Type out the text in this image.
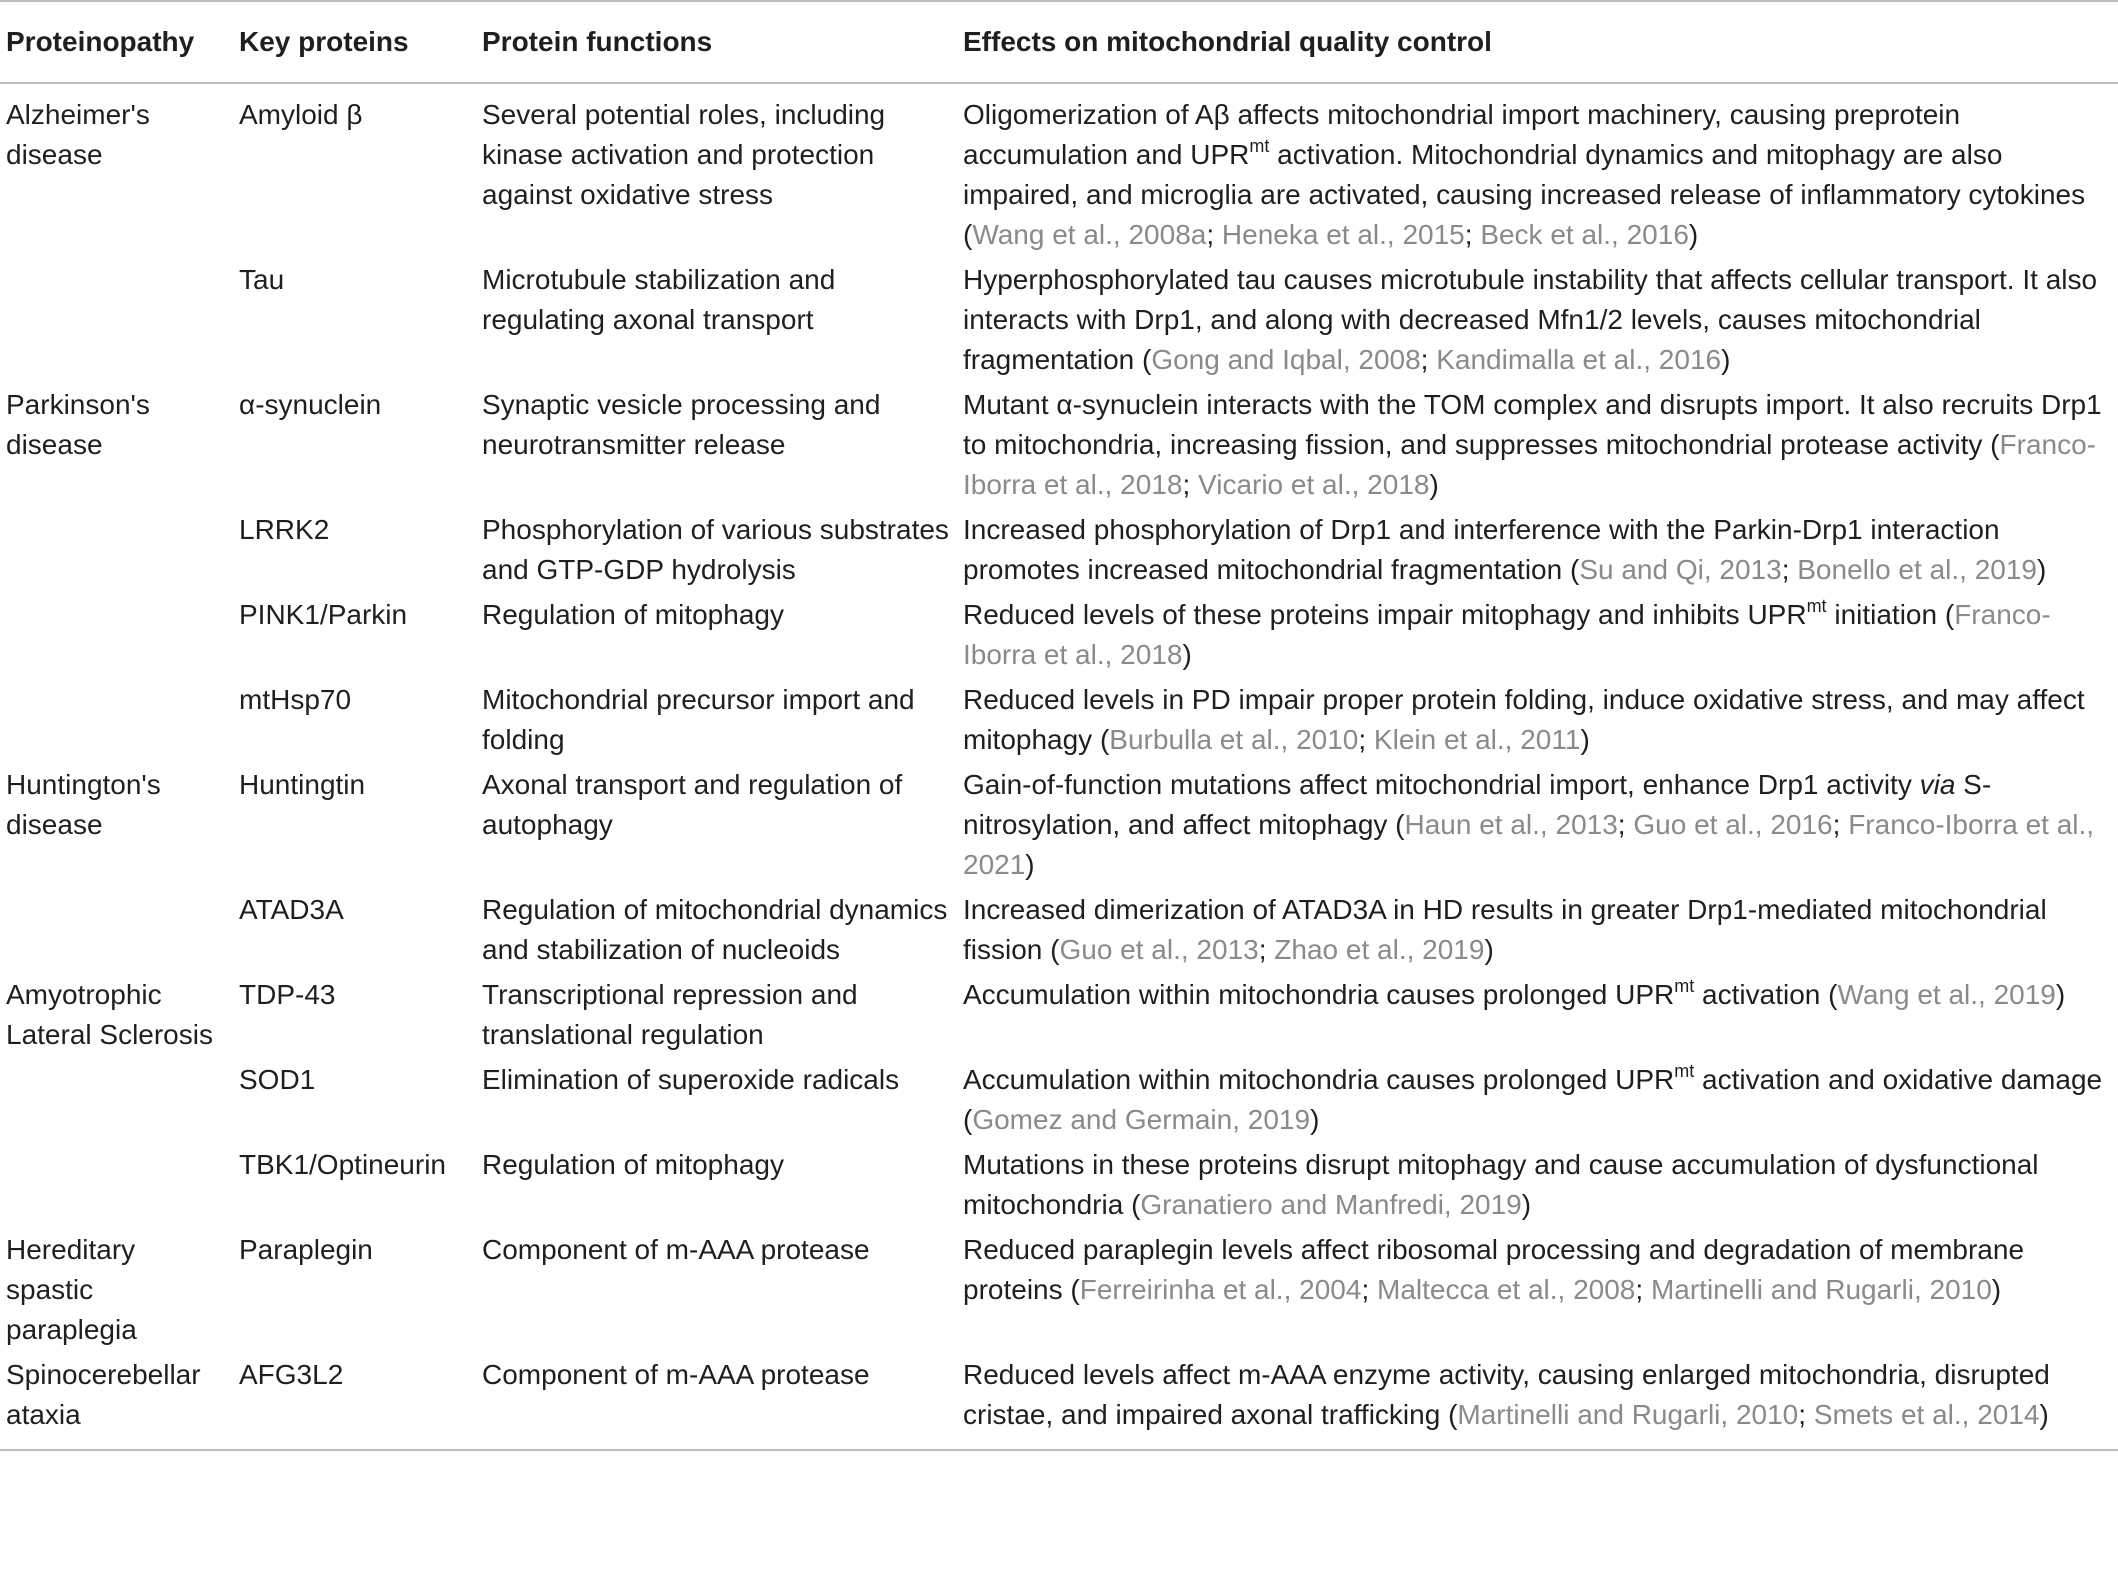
Proteinopathy	Key proteins	Protein functions	Effects on mitochondrial quality control
Alzheimer's disease	Amyloid β	Several potential roles, including kinase activation and protection against oxidative stress	Oligomerization of Aβ affects mitochondrial import machinery, causing preprotein accumulation and $UPR^{mt}$ activation. Mitochondrial dynamics and mitophagy are also impaired, and microglia are activated, causing increased release of inflammatory cytokines (Wang et al., 2008a; Heneka et al., 2015; Beck et al., 2016)
	Tau	Microtubule stabilization and regulating axonal transport	Hyperphosphorylated tau causes microtubule instability that affects cellular transport. It also interacts with Drp1, and along with decreased Mfn1/2 levels, causes mitochondrial fragmentation (Gong and Iqbal, 2008; Kandimalla et al., 2016)
Parkinson's disease	α-synuclein	Synaptic vesicle processing and neurotransmitter release	Mutant α-synuclein interacts with the TOM complex and disrupts import. It also recruits Drp1 to mitochondria, increasing fission, and suppresses mitochondrial protease activity (Franco-Iborra et al., 2018; Vicario et al., 2018)
	LRRK2	Phosphorylation of various substrates and GTP-GDP hydrolysis	Increased phosphorylation of Drp1 and interference with the Parkin-Drp1 interaction promotes increased mitochondrial fragmentation (Su and Qi, 2013; Bonello et al., 2019)
	PINK1/Parkin	Regulation of mitophagy	Reduced levels of these proteins impair mitophagy and inhibits $UPR^{mt}$ initiation (Franco-Iborra et al., 2018)
	mtHsp70	Mitochondrial precursor import and folding	Reduced levels in PD impair proper protein folding, induce oxidative stress, and may affect mitophagy (Burbulla et al., 2010; Klein et al., 2011)
Huntington's disease	Huntingtin	Axonal transport and regulation of autophagy	Gain-of-function mutations affect mitochondrial import, enhance Drp1 activity via S-nitrosylation, and affect mitophagy (Haun et al., 2013; Guo et al., 2016; Franco-Iborra et al., 2021)
	ATAD3A	Regulation of mitochondrial dynamics and stabilization of nucleoids	Increased dimerization of ATAD3A in HD results in greater Drp1-mediated mitochondrial fission (Guo et al., 2013; Zhao et al., 2019)
Amyotrophic Lateral Sclerosis	TDP-43	Transcriptional repression and translational regulation	Accumulation within mitochondria causes prolonged $UPR^{mt}$ activation (Wang et al., 2019)
	SOD1	Elimination of superoxide radicals	Accumulation within mitochondria causes prolonged $UPR^{mt}$ activation and oxidative damage (Gomez and Germain, 2019)
	TBK1/Optineurin	Regulation of mitophagy	Mutations in these proteins disrupt mitophagy and cause accumulation of dysfunctional mitochondria (Granatiero and Manfredi, 2019)
Hereditary spastic paraplegia	Paraplegin	Component of m-AAA protease	Reduced paraplegin levels affect ribosomal processing and degradation of membrane proteins (Ferreirinha et al., 2004; Maltecca et al., 2008; Martinelli and Rugarli, 2010)
Spinocerebellar ataxia	AFG3L2	Component of m-AAA protease	Reduced levels affect m-AAA enzyme activity, causing enlarged mitochondria, disrupted cristae, and impaired axonal trafficking (Martinelli and Rugarli, 2010; Smets et al., 2014)
